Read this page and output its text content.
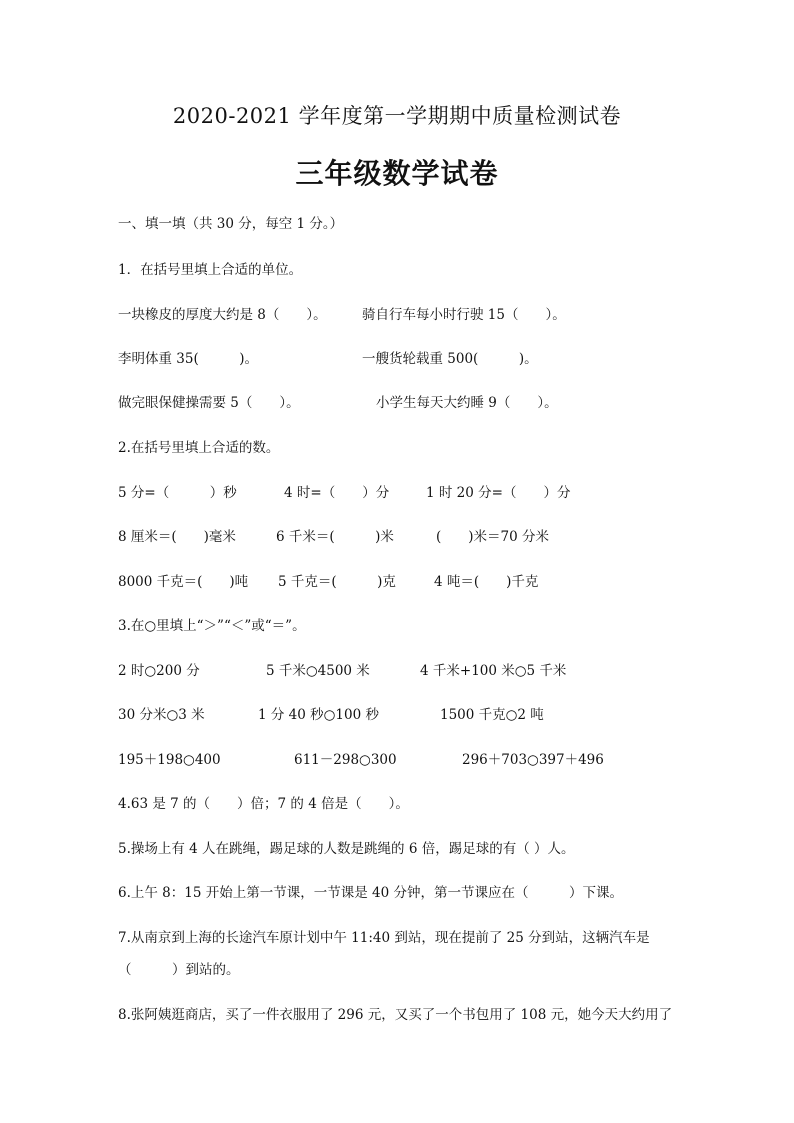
2020-2021 学年度第一学期期中质量检测试卷
三年级数学试卷
一、填一填（共 30 分，每空 1 分。）
1．在括号里填上合适的单位。
一块橡皮的厚度大约是 8（　　）。	骑自行车每小时行驶 15（　　）。
李明体重 35(　　　)。	一艘货轮载重 500(　　　)。
做完眼保健操需要 5（　　）。	小学生每天大约睡 9（　　）。
2.在括号里填上合适的数。
5 分=（　　　）秒	4 时=（　　）分	1 时 20 分=（　　）分
8 厘米＝(　　)毫米	6 千米＝(　　　)米	(　　)米＝70 分米
8000 千克＝(　　)吨 5 千克＝(　　　)克	4 吨＝(　　)千克
3.在○里填上“＞”“＜”或“＝”。
2 时○200 分	5 千米○4500 米	4 千米+100 米○5 千米
30 分米○3 米	1 分 40 秒○100 秒	1500 千克○2 吨
195＋198○400	611－298○300	296＋703○397＋496
4.63 是 7 的（　　）倍；7 的 4 倍是（　　）。
5.操场上有 4 人在跳绳，踢足球的人数是跳绳的 6 倍，踢足球的有（ ）人。
6.上午 8：15 开始上第一节课，一节课是 40 分钟，第一节课应在（　　　）下课。
7.从南京到上海的长途汽车原计划中午 11:40 到站，现在提前了 25 分到站，这辆汽车是
（　　　）到站的。
8.张阿姨逛商店，买了一件衣服用了 296 元，又买了一个书包用了 108 元，她今天大约用了
